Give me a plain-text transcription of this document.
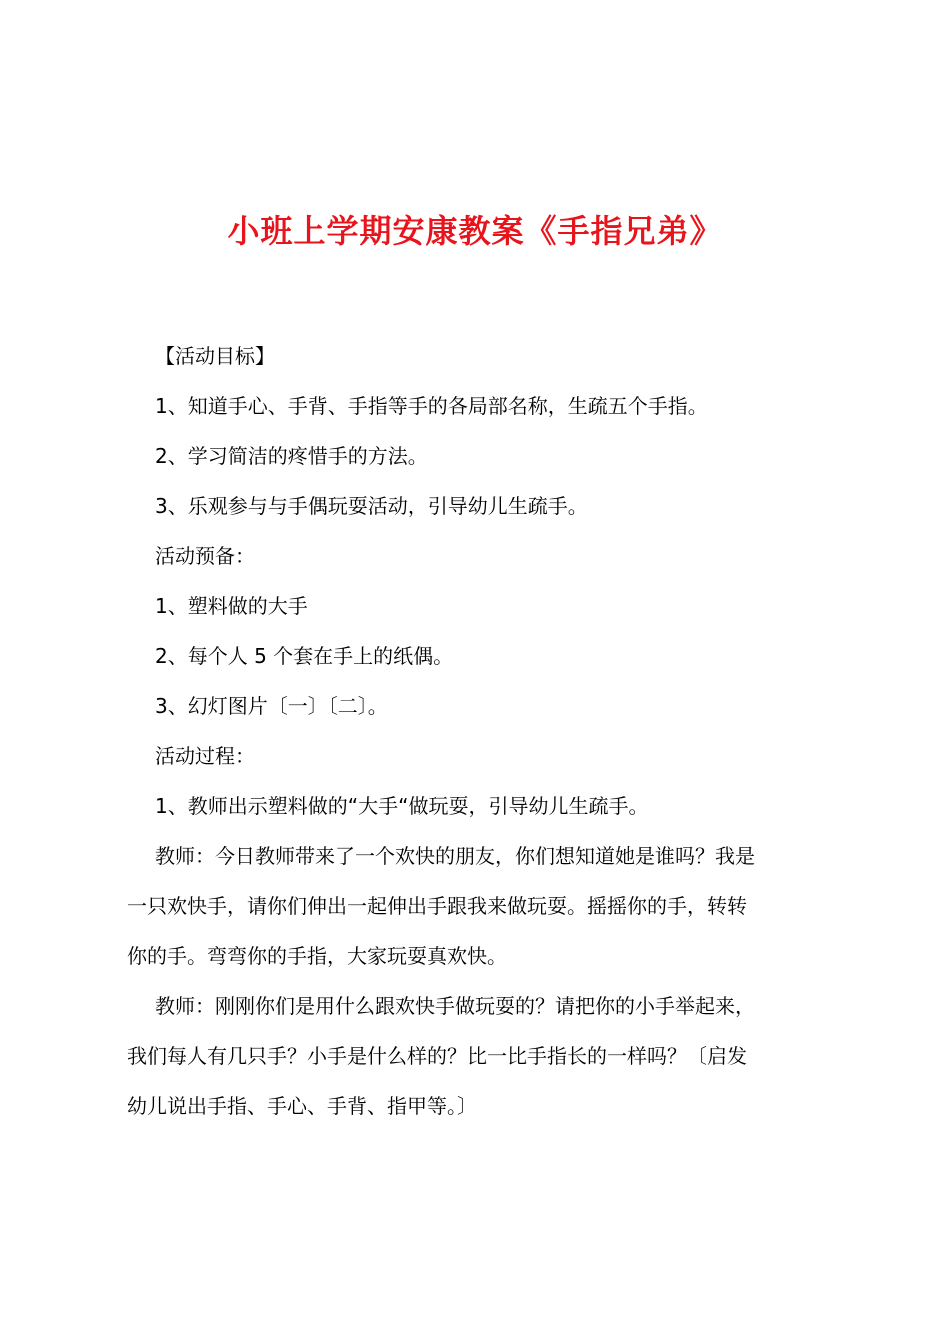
小班上学期安康教案《手指兄弟》
【活动目标】
1、知道手心、手背、手指等手的各局部名称，生疏五个手指。
2、学习简洁的疼惜手的方法。
3、乐观参与与手偶玩耍活动，引导幼儿生疏手。
活动预备：
1、塑料做的大手
2、每个人 5 个套在手上的纸偶。
3、幻灯图片〔一〕〔二〕。
活动过程：
1、教师出示塑料做的“大手“做玩耍，引导幼儿生疏手。
教师：今日教师带来了一个欢快的朋友，你们想知道她是谁吗？我是
一只欢快手，请你们伸出一起伸出手跟我来做玩耍。摇摇你的手，转转
你的手。弯弯你的手指，大家玩耍真欢快。
教师：刚刚你们是用什么跟欢快手做玩耍的？请把你的小手举起来，
我们每人有几只手？小手是什么样的？比一比手指长的一样吗？〔启发
幼儿说出手指、手心、手背、指甲等。〕
